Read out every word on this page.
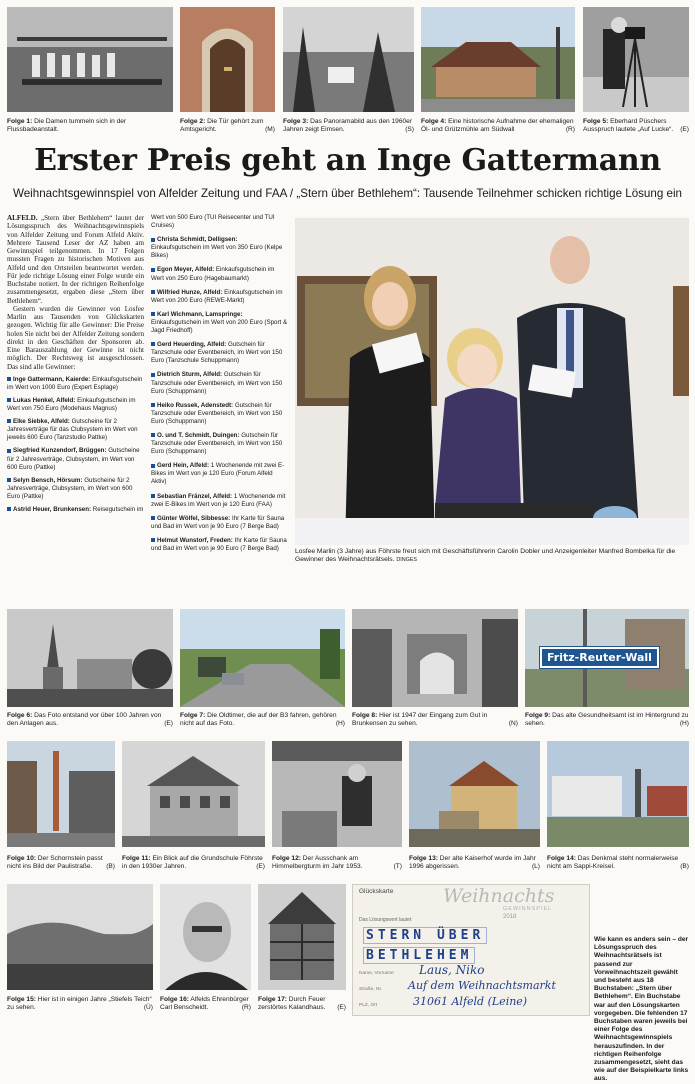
Folge 1: Die Damen tummeln sich in der Flussbadeanstalt.
Folge 2: Die Tür gehört zum Amtsgericht.	(M)
Folge 3: Das Panoramabild aus den 1960er Jahren zeigt Eimsen.	(S)
Folge 4: Eine historische Aufnahme der ehemaligen Öl- und Grützmühle am Südwall	(R)
Folge 5: Eberhard Püschers Ausspruch lautete „Auf Lucke“. (E)
Erster Preis geht an Inge Gattermann
Weihnachtsgewinnspiel von Alfelder Zeitung und FAA / „Stern über Bethlehem“: Tausende Teilnehmer schicken richtige Lösung ein

ALFELD. „Stern über Bethlehem“ lautet der Lösungsspruch des Weihnachtsgewinnspiels von Alfelder Zeitung und Forum Alfeld Aktiv. Mehrere Tausend Leser der AZ haben am Gewinnspiel teilgenommen. In 17 Folgen mussten Fragen zu historischen Motiven aus Alfeld und den Ortsteilen beantwortet werden. Für jede richtige Lösung einer Folge wurde ein Buchstabe notiert. In der richtigen Reihenfolge zusammengesetzt, ergaben diese „Stern über Bethlehem“.

Gestern wurden die Gewinner von Losfee Marlin aus Tausenden von Glückskarten gezogen. Wichtig für alle Gewinner: Die Preise holen Sie nicht bei der Alfelder Zeitung sondern direkt in den Geschäften der Sponsoren ab. Eine Barauszahlung der Gewinne ist nicht möglich. Der Rechtsweg ist ausgeschlossen. Das sind alle Gewinner:

Inge Gattermann, Kaierde: Einkaufsgutschein im Wert von 1000 Euro (Expert Esplage)
Lukas Henkel, Alfeld: Einkaufsgutschein im Wert von 750 Euro (Modehaus Magnus)
Elke Siebke, Alfeld: Gutscheine für 2 Jahresverträge für das Clubsystem im Wert von jeweils 600 Euro (Tanzstudio Pattke)
Siegfried Kunzendorf, Brüggen: Gutscheine für 2 Jahresverträge, Clubsystem, im Wert von 600 Euro (Pattke)
Selyn Bensch, Hörsum: Gutscheine für 2 Jahresverträge, Clubsystem, im Wert von 600 Euro (Pattke)
Astrid Heuer, Brunkensen: Reisegutschein im
Wert von 500 Euro (TUI Reisecenter und TUI Cruises)
Christa Schmidt, Delligsen: Einkaufsgutschein im Wert von 350 Euro (Kelpe Bikes)
Egon Meyer, Alfeld: Einkaufsgutschein im Wert von 250 Euro (Hagebaumarkt)
Wilfried Hunze, Alfeld: Einkaufsgutschein im Wert von 200 Euro (REWE-Markt)
Karl Wichmann, Lamspringe: Einkaufsgutschein im Wert von 200 Euro (Sport & Jagd Friedhoff)
Gerd Heuerding, Alfeld: Gutschein für Tanzschule oder Eventbereich, im Wert von 150 Euro (Tanzschule Schuppmann)
Dietrich Sturm, Alfeld: Gutschein für Tanzschule oder Eventbereich, im Wert von 150 Euro (Schuppmann)
Heiko Russek, Adenstedt: Gutschein für Tanzschule oder Eventbereich, im Wert von 150 Euro (Schuppmann)
O. und T. Schmidt, Duingen: Gutschein für Tanzschule oder Eventbereich, im Wert von 150 Euro (Schuppmann)
Gerd Hein, Alfeld: 1 Wochenende mit zwei E-Bikes im Wert von je 120 Euro (Forum Alfeld Aktiv)
Sebastian Fränzel, Alfeld: 1 Wochenende mit zwei E-Bikes im Wert von je 120 Euro (FAA)
Günter Wölfel, Sibbesse: Ihr Karte für Sauna und Bad im Wert von je 90 Euro (7 Berge Bad)
Helmut Wunstorf, Freden: Ihr Karte für Sauna und Bad im Wert von je 90 Euro (7 Berge Bad)	Losfee Marlin (3 Jahre) aus Föhrste freut sich mit Geschäftsführerin Carolin Dobler und Anzeigenleiter Manfred Bombelka für die Gewinner des Weihnachtsrätsels. DINGES
Fritz-Reuter-Wall
Folge 6: Das Foto entstand vor über 100 Jahren von den Anlagen aus.	(E)
Folge 7: Die Oldtimer, die auf der B3 fahren, gehören nicht auf das Foto.	(H)
Folge 8: Hier ist 1947 der Eingang zum Gut in Brunkensen zu sehen.	(N)
Folge 9: Das alte Gesundheitsamt ist im Hintergrund zu sehen.	(H)
Folge 10: Der Schornstein passt nicht ins Bild der Paulistraße. (B)
Folge 11: Ein Blick auf die Grundschule Föhrste in den 1930er Jahren.	(E)
Folge 12: Der Ausschank am Himmelbergturm im Jahr 1953.	(T)
Folge 13: Der alte Kaiserhof wurde im Jahr 1996 abgerissen.	(L)
Folge 14: Das Denkmal steht normalerweise nicht am Sappi-Kreisel.	(B)
Glückskarte	Weihnachts
GEWINNSPIEL
2018
Das Lösungswort lautet
STERN ÜBER
BETHLEHEM
Name, Vorname Laus, Niko
Straße, Nr. Auf dem Weihnachtsmarkt
PLZ, Ort	31061 Alfeld (Leine)
Wie kann es anders sein – der Lösungsspruch des Weihnachtsrätsels ist passend zur Vorweihnachtszeit gewählt und besteht aus 18 Buchstaben: „Stern über Bethlehem“. Ein Buchstabe war auf den Lösungskarten vorgegeben. Die fehlenden 17 Buchstaben waren jeweils bei einer Folge des Weihnachtsgewinnspiels herauszufinden. In der richtigen Reihenfolge zusammengesetzt, sieht das wie auf der Beispielkarte links aus.
Folge 15: Hier ist in einigen Jahre „Stiefels Teich“ zu sehen.	(Ü)
Folge 16: Alfelds Ehrenbürger Carl Benscheidt.	(R)
Folge 17: Durch Feuer zerstörtes Kalandhaus. (E)
